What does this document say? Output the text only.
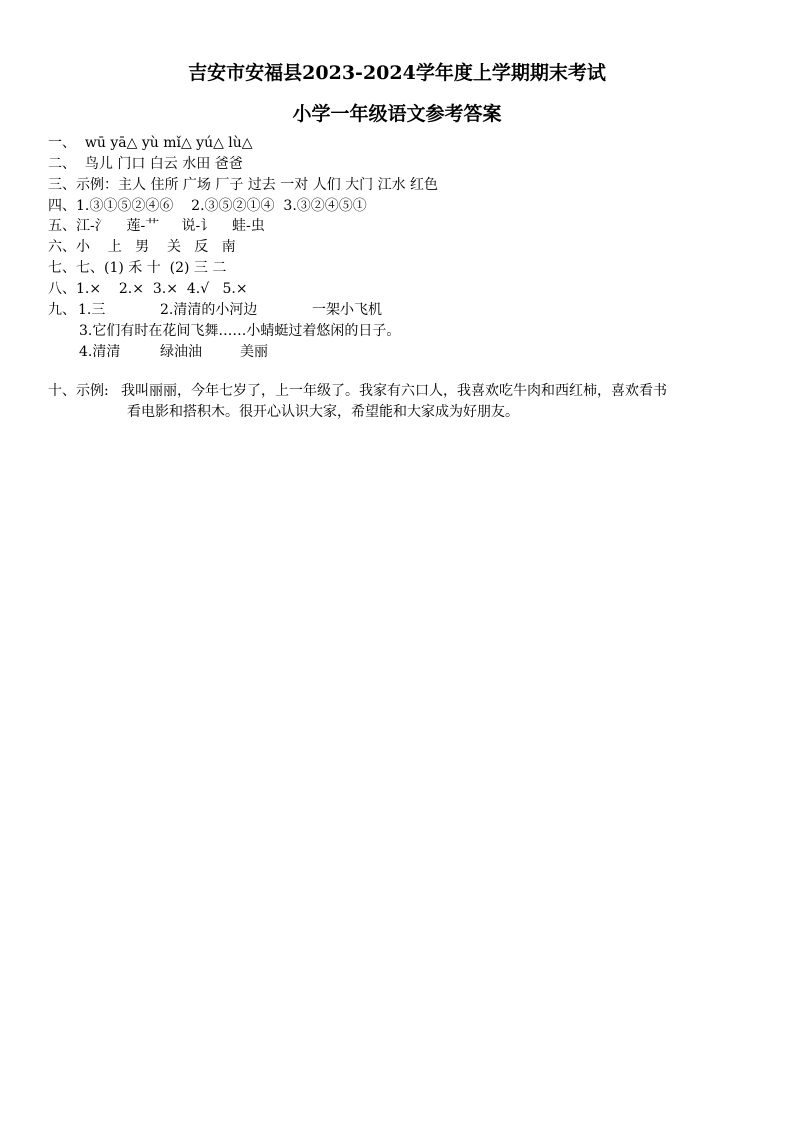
吉安市安福县2023-2024学年度上学期期末考试
小学一年级语文参考答案
一、  wū yā△ yù mǐ△ yú△ lù△
二、  鸟儿 门口 白云 水田 爸爸
三、示例：主人 住所 广场 厂子 过去 一对 人们 大门 江水 红色
四、1.③①⑤②④⑥    2.③⑤②①④  3.③②④⑤①
五、江-氵    莲-艹     说-讠    蛙-虫
六、小    上   男    关   反   南
七、七、(1) 禾 十  (2) 三 二
八、1.×    2.×  3.×  4.√   5.×
九、 1.三	2.清清的小河边	一架小飞机
3.它们有时在花间飞舞……小蜻蜓过着悠闲的日子。
4.清清	绿油油	美丽
十、示例: 我叫丽丽，今年七岁了，上一年级了。我家有六口人，我喜欢吃牛肉和西红柿，喜欢看书
看电影和搭积木。很开心认识大家，希望能和大家成为好朋友。
